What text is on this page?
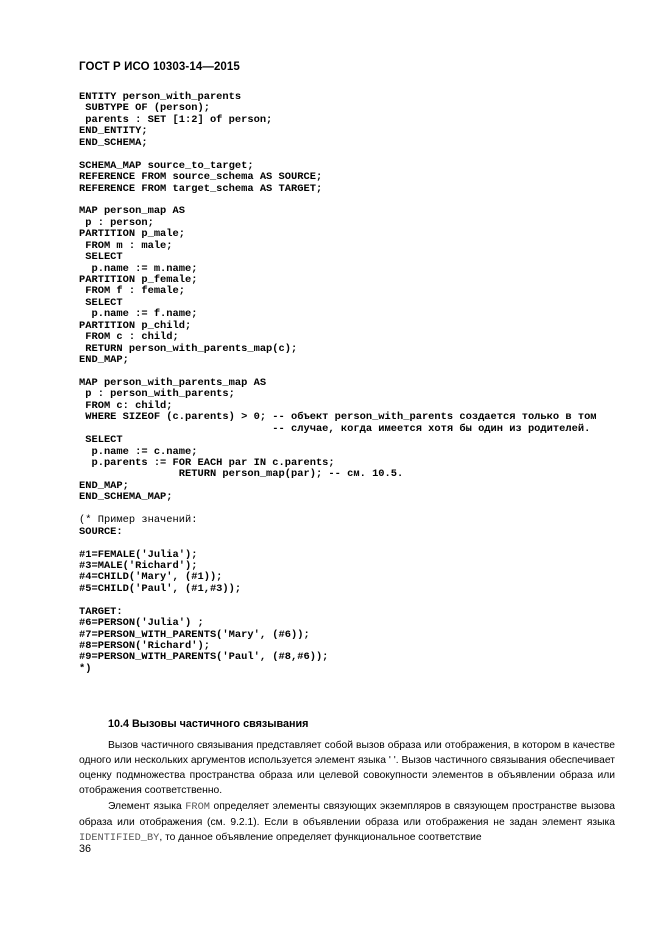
ГОСТ Р ИСО 10303-14—2015
ENTITY person_with_parents
SUBTYPE OF (person);
parents : SET [1:2] of person;
END_ENTITY;
END_SCHEMA;

SCHEMA_MAP source_to_target;
REFERENCE FROM source_schema AS SOURCE;
REFERENCE FROM target_schema AS TARGET;

MAP person_map AS
p : person;
PARTITION p_male;
FROM m : male;
SELECT
p.name := m.name;
PARTITION p_female;
FROM f : female;
SELECT
p.name := f.name;
PARTITION p_child;
FROM c : child;
RETURN person_with_parents_map(c);
END_MAP;

MAP person_with_parents_map AS
p : person_with_parents;
FROM c: child;
WHERE SIZEOF (c.parents) > 0; -- объект person_with_parents создается только в том
-- случае, когда имеется хотя бы один из родителей.
SELECT
p.name := c.name;
p.parents := FOR EACH par IN c.parents;
RETURN person_map(par); -- см. 10.5.
END_MAP;
END_SCHEMA_MAP;

(* Пример значений:
SOURCE:

#1=FEMALE('Julia');
#3=MALE('Richard');
#4=CHILD('Mary', (#1));
#5=CHILD('Paul', (#1,#3));

TARGET:
#6=PERSON('Julia') ;
#7=PERSON_WITH_PARENTS('Mary', (#6));
#8=PERSON('Richard');
#9=PERSON_WITH_PARENTS('Paul', (#8,#6));
*)
10.4 Вызовы частичного связывания

Вызов частичного связывания представляет собой вызов образа или отображения, в котором в качестве одного или нескольких аргументов используется элемент языка ' '. Вызов частичного связывания обеспечивает оценку подмножества пространства образа или целевой совокупности элементов в объявлении образа или отображения соответственно.

Элемент языка FROM определяет элементы связующих экземпляров в связующем пространстве вызова образа или отображения (см. 9.2.1). Если в объявлении образа или отображения не задан элемент языка IDENTIFIED_BY, то данное объявление определяет функциональное соответствие

36
